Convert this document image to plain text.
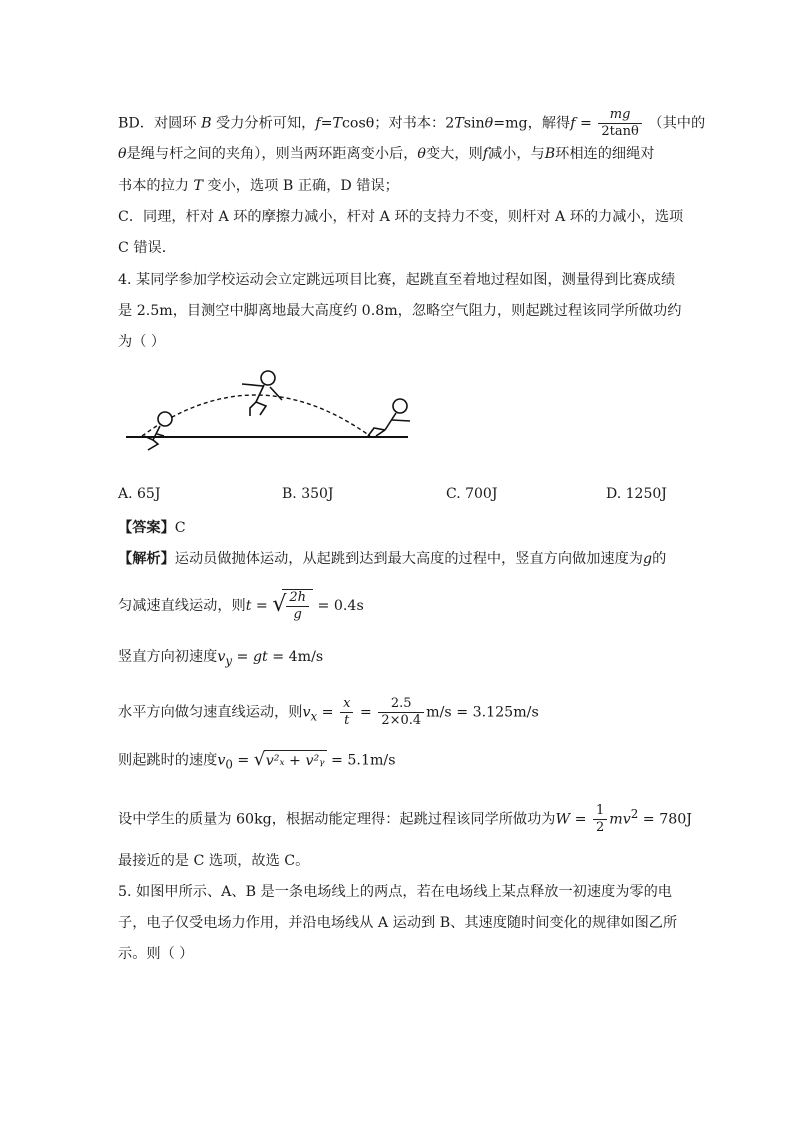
BD．对圆环 B 受力分析可知，f=Tcosθ；对书本：2Tsinθ=mg，解得$f = \frac{mg}{2\tan\theta}$ （其中的
θ是绳与杆之间的夹角），则当两环距离变小后，θ变大，则f减小，与B环相连的细绳对
书本的拉力 T 变小，选项 B 正确，D 错误；
C．同理，杆对 A 环的摩擦力减小，杆对 A 环的支持力不变，则杆对 A 环的力减小，选项
C 错误．
4. 某同学参加学校运动会立定跳远项目比赛，起跳直至着地过程如图，测量得到比赛成绩
是 2.5m，目测空中脚离地最大高度约 0.8m，忽略空气阻力，则起跳过程该同学所做功约
为（ ）
A. 65J	B. 350J	C. 700J	D. 1250J
【答案】C
【解析】运动员做抛体运动，从起跳到达到最大高度的过程中，竖直方向做加速度为g的
匀减速直线运动，则t = √ $\frac{2h}{g} = 0.4s$
竖直方向初速度$v_y$ = gt = 4m/s
水平方向做匀速直线运动，则$v_x = \frac{x}{t} = \frac{2.5}{2\times 0.4} m/s = 3.125m/s$
则起跳时的速度$v_0$ = √ v²ₓ + v²ᵧ = 5.1m/s
设中学生的质量为 60kg，根据动能定理得：起跳过程该同学所做功为$W = \frac{1}{2} mv^2 = 780J$
最接近的是 C 选项，故选 C。
5. 如图甲所示、A、B 是一条电场线上的两点，若在电场线上某点释放一初速度为零的电
子，电子仅受电场力作用，并沿电场线从 A 运动到 B、其速度随时间变化的规律如图乙所
示。则（ ）
